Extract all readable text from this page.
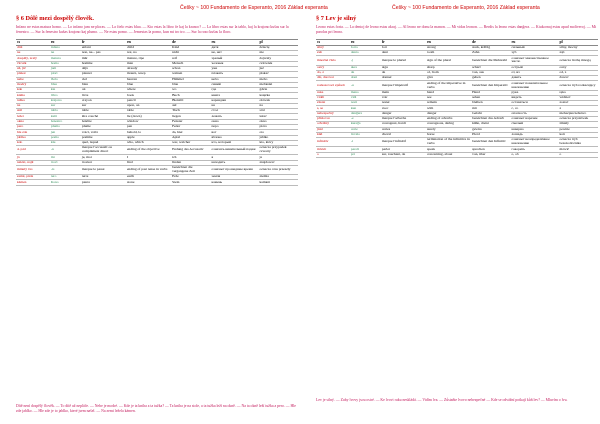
Ĉeŝky ~ 100 Fundamento de Esperanto, 2016 Základ esperanta	Ĉeŝky ~ 100 Fundamento de Esperanto, 2016 Základ esperanta
§ 6 Dôlê mezi dospělý člověk.
Infano ne estas matura homo. — Lo infano jam ne ploras. — La ĉielo estas blua. — Kio estas la libro ĉe kaj la kranco? — La libro estas sur la tablo, kaj la krajono kuŝas sur la fenestro. — Sur la fenestro kuŝas krajono kaj plumo. — Ne estas pomo. — Jemestas la pomo, kun mi tro tro. — Sur la rozo kuŝas la floro.
cs	eo	fr	en	de	ru	pl
dítě	infano	enfant	child	Kind	дитя	dziecię
ne	ne	non, ne... pas	not, no	nicht	не, нет	nie
dospělý, zralý	matura	mûr	mature, ripe	reif	зрелый	dojrzały
člověk	homo	homme	man	Mensch	человек	człowiek
už, již	jam	déjà	already	schon	уже	już
plakat	plori	pleurer	mourn, weep	weinen	плакать	płakać
nebe	ĉielo	ciel	heaven	Himmel	небо	niebo
modrý	blua	bleu	blue	blau	синий	niebieski
kde	kie	où	where	wo	где	gdzie
kniha	libro	livre	book	Buch	книга	książka
tužka	krajono	crayon	pencil	Bleistift	карандаш	ołówek
na	sur	sur	upon, on	auf	на	na
stůl	tablo	table	table	Tisch	стол	stół
ležet	kuŝi	être couché	lie (down)	liegen	лежать	leżeć
okno	fenestro	fenêtre	window	Fenster	окно	okno
pero	plumo	plume	pen	Feder	перо	pióro
hle zde	jen	voici, voilà	behold, lo	da, hier	вот	oto
jablko	pomo	pomme	apple	Apfel	яблоко	jabłko
kdo	kiu	quel, lequel	who, which	wer, welcher	кто, который	kto, który
4. pád	-n	marque l'accusatif ou complément direct	ending of the objective	Endung des Accusativ	означать винительный падеж	oznacza przypadek czwarty
já	mi	je, moi	I	ich	я	ja
nalézt, najít	trovi	trouver	find	finden	находить	znajdować
minulý čas	-is	marque le passé	ending of past tense in verbs	bezeichnet die vergangene Zeit	означает прошедшее время	oznacza czas przeszły
země, půda	tero	terre	earth	Erde	земля	ziemia
kámen	ŝtono	pierre	stone	Stein	камень	kamień
§ 7 Lev je silný
Leono estas forta. — La dentoj de leono estas akraj. — Al leono ne donu la manon. — Mi vidas leonon. — Rerdis la leono estas danĝera. — Kiukornaj estas apud moliveroj. — Mi parolas pri leono.
cs	eo	fr	en	de	ru	pl
silný	forta	fort	strong	stark, kräftig	сильный	silny, mocny
zub	dento	dent	tooth	Zahn	зуб	ząb
množné číslo	-j	marque le pluriel	sign of the plural	bezeichnet die Mehrzahl	означает множественное число	oznacza liczbę mnogą
ostrý	akra	aigu	sharp	scharf	острый	ostry
do, z	de	de	of, from	von, aus	от, из	od, z
dát, darovat	doni	donner	give	geben	давать	dawać
rozkazovací způsob	-u	marque l'impératif	ending of the imperative in verbs	bezeichnet den Imperativ	означает повелительное наклонение	oznacza tryb rozkazujący
ruka	mano	main	hand	Hand	рука	ręka
vidět	vidi	voir	see	sehen	видеть	widzieć
zůstat	resti	rester	remain	bleiben	оставаться	zostać
s, se	kun	avec	with	mit	с, со	z
nebezpečný	danĝera	danger	danger	Gefahr	опасность	niebezpieczeństwo
příslovce	-e	marque l'adverbe	ending of adverbs	bezeichnet das Adverb	означает наречие	oznacza przysłówek
odvážný	kuraĝa	courageux, hardi	courageous, daring	kühn, dreist	смелый	śmiały
jistě	certe	certes	surely	gewiss	наверно	pewnie
kůň	ĉevalo	cheval	horse	Pferd	лошадь	koń
infinitiv	-i	marque l'infinitif	termination of the infinitive in verbs	bezeichnet den Infinitiv	означает неопределённое наклонение	oznacza tryb bezokolicznika
mluvit	paroli	parler	speak	sprechen	говорить	mówić
o	pri	sur, touchant, de	concerning, about	von, über	о, об	o
Dítě není dospělý člověk. — To dítě už nepláče. — Nebe je modré. — Kde je ta kniha a ta tužka? — Ta kniha je na stole, a ta tužka leží na okně. — Na ta okně leží tužka a pero. — Hle zde jablko. — Hle zde je to jablko, které jsem našel. — Na zemi ležela kámen.
Lev je silný. — Zuby lvovy jsou ostré. — Ke lvovi ruku neskládá. — Vidím lva. — Zůstaňte lvovo nebezpečné — Kde se odvážní potkají kůň lev? — Mluvím o lvu.
